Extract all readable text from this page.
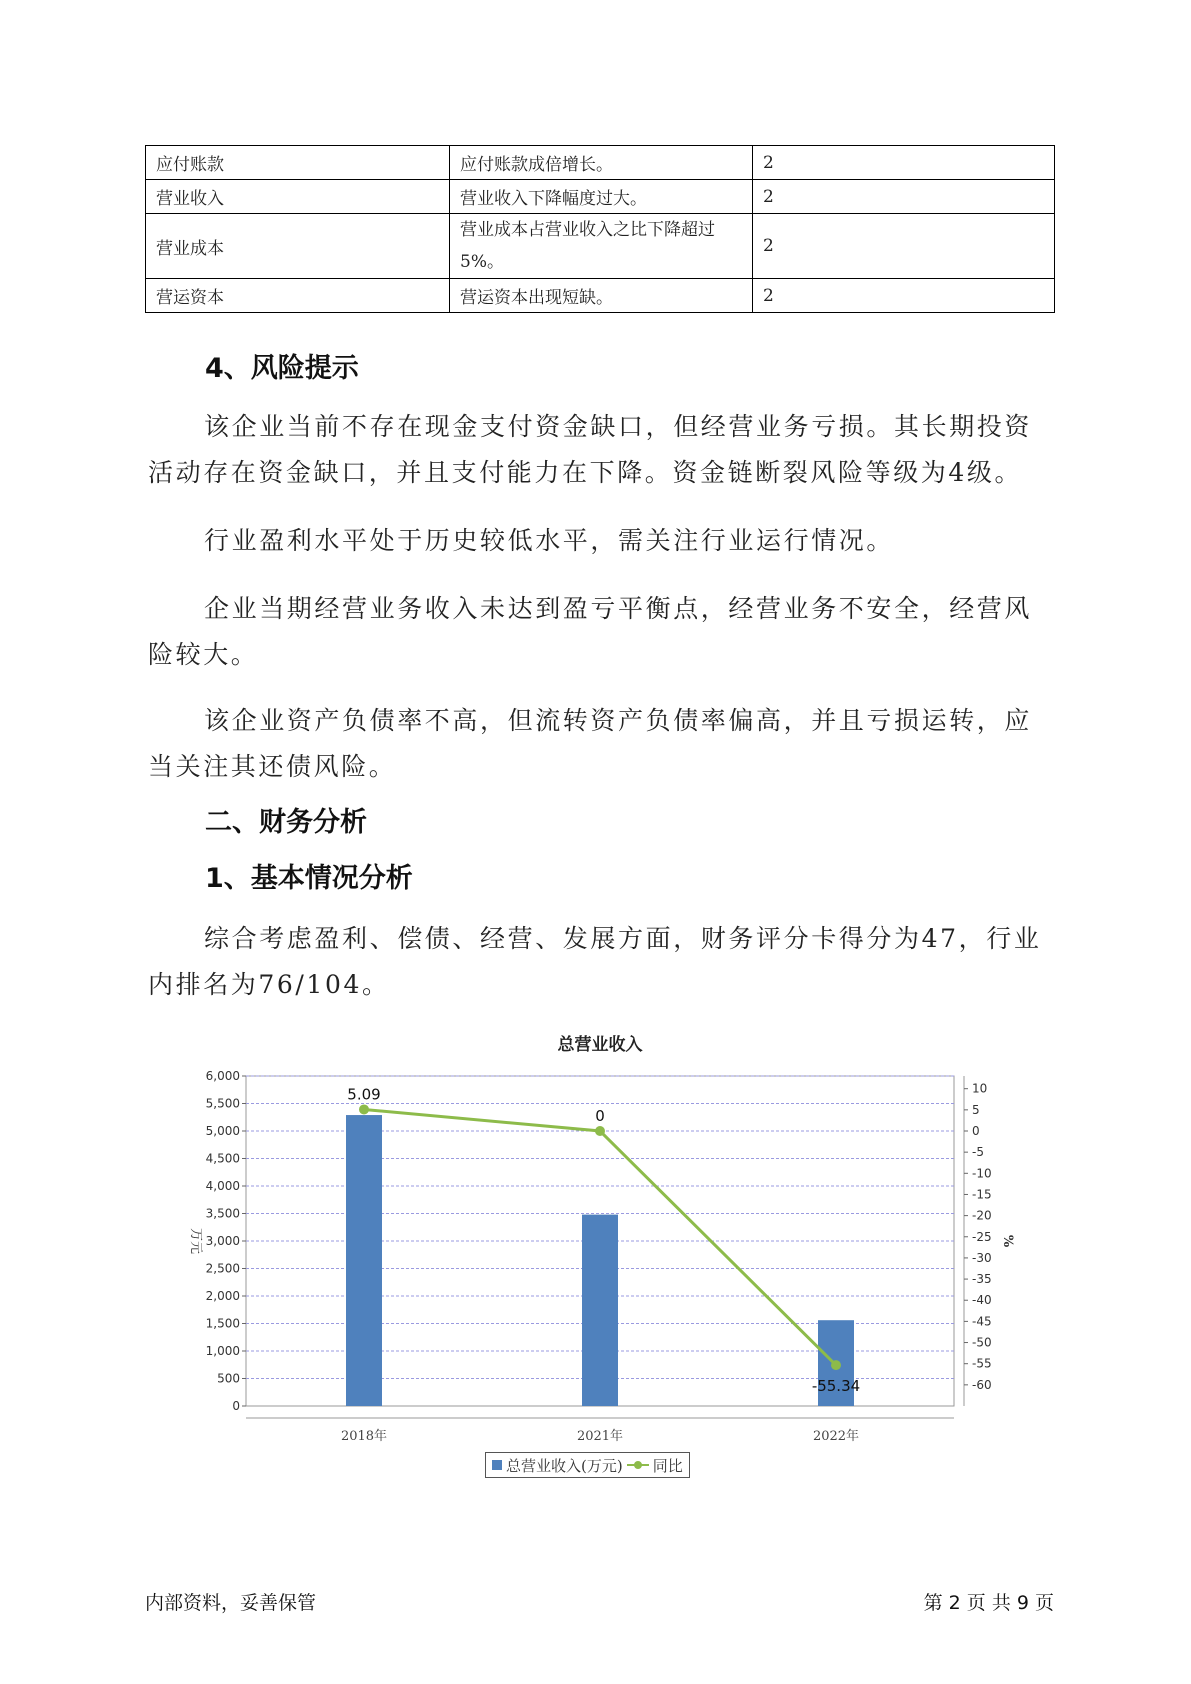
应付账款	应付账款成倍增长。	2
营业收入	营业收入下降幅度过大。	2
营业成本	营业成本占营业收入之比下降超过5%。	2
营运资本	营运资本出现短缺。	2
4、风险提示

该企业当前不存在现金支付资金缺口，但经营业务亏损。其长期投资活动存在资金缺口，并且支付能力在下降。资金链断裂风险等级为4级。

行业盈利水平处于历史较低水平，需关注行业运行情况。

企业当期经营业务收入未达到盈亏平衡点，经营业务不安全，经营风险较大。

该企业资产负债率不高，但流转资产负债率偏高，并且亏损运转，应当关注其还债风险。

二、财务分析
1、基本情况分析

综合考虑盈利、偿债、经营、发展方面，财务评分卡得分为47，行业内排名为76/104。

总营业收入
0
500
1,000
1,500
2,000
2,500
3,000
3,500
4,000
4,500
5,000
5,500
6,000
10
5
0
-5
-10
-15
-20
-25
-30
-35
-40
-45
-50
-55
-60
万元	%
2018年	2021年	2022年
5.09
0
-55.34
总营业收入(万元) 同比
内部资料，妥善保管	第 2 页 共 9 页
